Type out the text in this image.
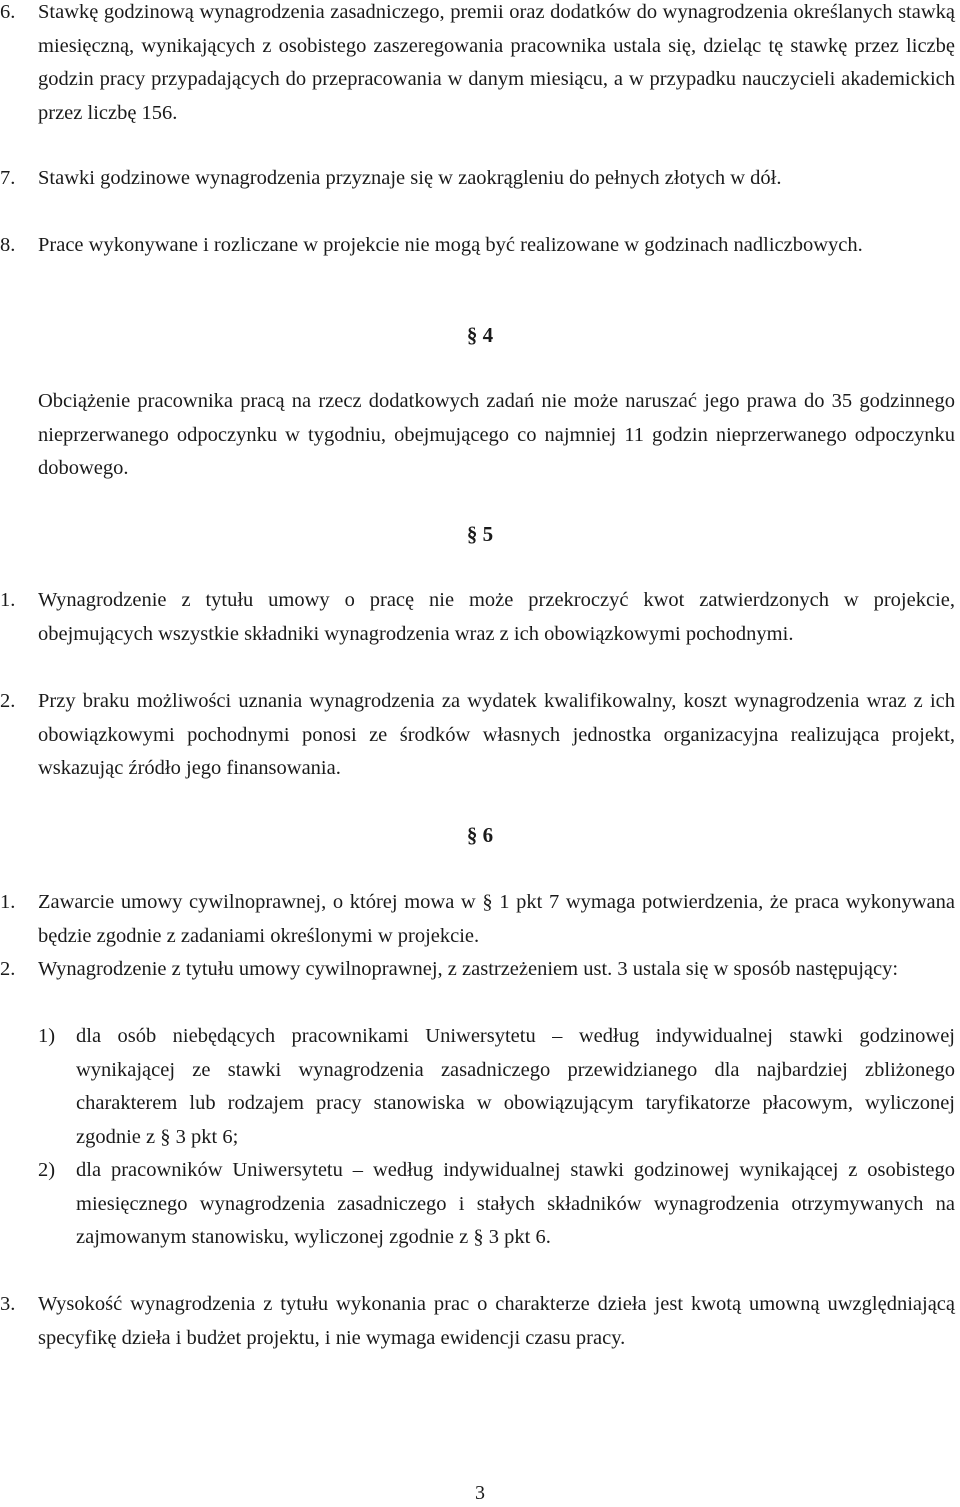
6. Stawkę godzinową wynagrodzenia zasadniczego, premii oraz dodatków do wynagrodzenia określanych stawką miesięczną, wynikających z osobistego zaszeregowania pracownika ustala się, dzieląc tę stawkę przez liczbę godzin pracy przypadających do przepracowania w danym miesiącu, a w przypadku nauczycieli akademickich przez liczbę 156.
7. Stawki godzinowe wynagrodzenia przyznaje się w zaokrągleniu do pełnych złotych w dół.
8. Prace wykonywane i rozliczane w projekcie nie mogą być realizowane w godzinach nadliczbowych.
§ 4
Obciążenie pracownika pracą na rzecz dodatkowych zadań nie może naruszać jego prawa do 35 godzinnego nieprzerwanego odpoczynku w tygodniu, obejmującego co najmniej 11 godzin nieprzerwanego odpoczynku dobowego.
§ 5
1. Wynagrodzenie z tytułu umowy o pracę nie może przekroczyć kwot zatwierdzonych w projekcie, obejmujących wszystkie składniki wynagrodzenia wraz z ich obowiązkowymi pochodnymi.
2. Przy braku możliwości uznania wynagrodzenia za wydatek kwalifikowalny, koszt wynagrodzenia wraz z ich obowiązkowymi pochodnymi ponosi ze środków własnych jednostka organizacyjna realizująca projekt, wskazując źródło jego finansowania.
§ 6
1. Zawarcie umowy cywilnoprawnej, o której mowa w § 1 pkt 7 wymaga potwierdzenia, że praca wykonywana będzie zgodnie z zadaniami określonymi w projekcie.
2. Wynagrodzenie z tytułu umowy cywilnoprawnej, z zastrzeżeniem ust. 3 ustala się w sposób następujący:
1) dla osób niebędących pracownikami Uniwersytetu – według indywidualnej stawki godzinowej wynikającej ze stawki wynagrodzenia zasadniczego przewidzianego dla najbardziej zbliżonego charakterem lub rodzajem pracy stanowiska w obowiązującym taryfikatorze płacowym, wyliczonej zgodnie z § 3 pkt 6;
2) dla pracowników Uniwersytetu – według indywidualnej stawki godzinowej wynikającej z osobistego miesięcznego wynagrodzenia zasadniczego i stałych składników wynagrodzenia otrzymywanych na zajmowanym stanowisku, wyliczonej zgodnie z § 3 pkt 6.
3. Wysokość wynagrodzenia z tytułu wykonania prac o charakterze dzieła jest kwotą umowną uwzględniającą specyfikę dzieła i budżet projektu, i nie wymaga ewidencji czasu pracy.
3
